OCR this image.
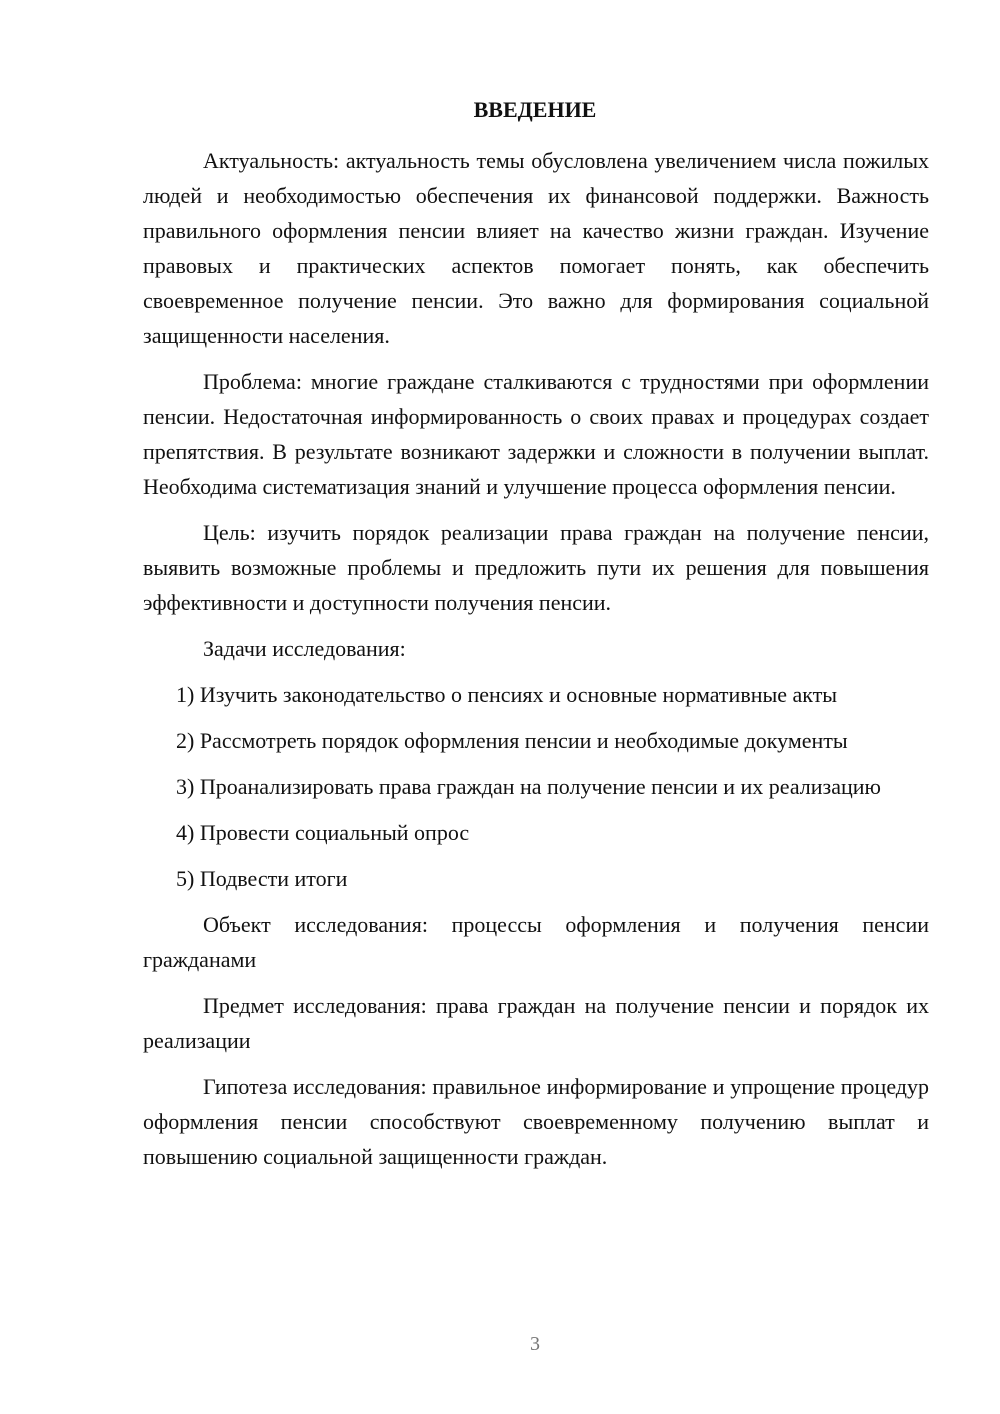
ВВЕДЕНИЕ

Актуальность: актуальность темы обусловлена увеличением числа пожилых людей и необходимостью обеспечения их финансовой поддержки. Важность правильного оформления пенсии влияет на качество жизни граждан. Изучение правовых и практических аспектов помогает понять, как обеспечить своевременное получение пенсии. Это важно для формирования социальной защищенности населения.

Проблема: многие граждане сталкиваются с трудностями при оформлении пенсии. Недостаточная информированность о своих правах и процедурах создает препятствия. В результате возникают задержки и сложности в получении выплат. Необходима систематизация знаний и улучшение процесса оформления пенсии.

Цель: изучить порядок реализации права граждан на получение пенсии, выявить возможные проблемы и предложить пути их решения для повышения эффективности и доступности получения пенсии.

Задачи исследования:

1) Изучить законодательство о пенсиях и основные нормативные акты

2) Рассмотреть порядок оформления пенсии и необходимые документы

3) Проанализировать права граждан на получение пенсии и их реализацию

4) Провести социальный опрос

5) Подвести итоги

Объект исследования: процессы оформления и получения пенсии гражданами

Предмет исследования: права граждан на получение пенсии и порядок их реализации

Гипотеза исследования: правильное информирование и упрощение процедур оформления пенсии способствуют своевременному получению выплат и повышению социальной защищенности граждан.

3
